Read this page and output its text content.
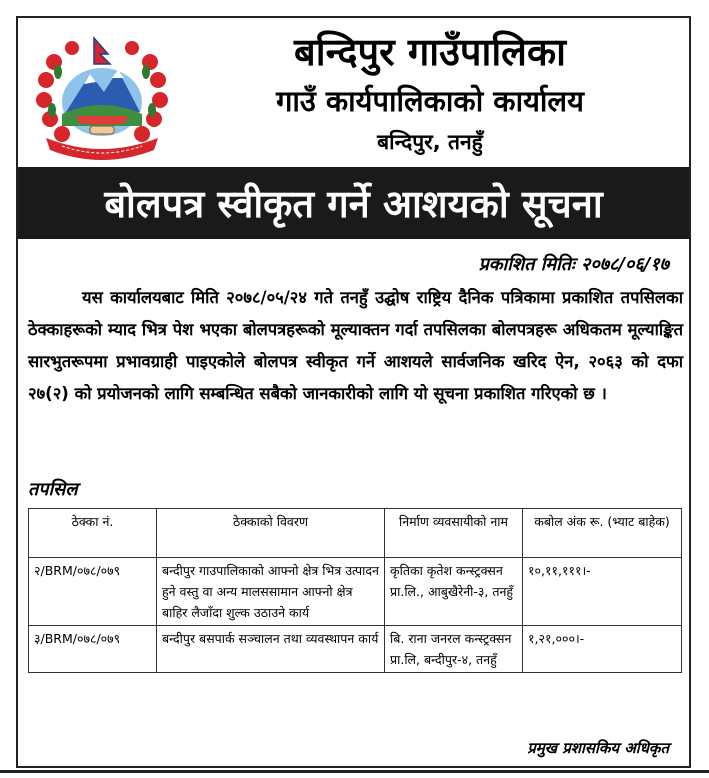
बन्दिपुर गाउँपालिका
गाउँ कार्यपालिकाको कार्यालय
बन्दिपुर, तनहुँ
बोलपत्र स्वीकृत गर्ने आशयको सूचना
प्रकाशित मितिः २०७८/०६/१७
यस कार्यालयबाट मिति २०७८/०५/२४ गते तनहुँ उद्घोष राष्ट्रिय दैनिक पत्रिकामा प्रकाशित तपसिलका ठेक्काहरूको म्याद भित्र पेश भएका बोलपत्रहरूको मूल्याक्तन गर्दा तपसिलका बोलपत्रहरू अधिकतम मूल्याङ्कित सारभुतरूपमा प्रभावग्राही पाइएकोले बोलपत्र स्वीकृत गर्ने आशयले सार्वजनिक खरिद ऐन, २०६३ को दफा २७(२) को प्रयोजनको लागि सम्बन्धित सबैको जानकारीको लागि यो सूचना प्रकाशित गरिएको छ ।
तपसिल
ठेक्का नं.	ठेक्काको विवरण	निर्माण व्यवसायीको नाम	कबोल अंक रू. (भ्याट बाहेक)
२/BRM/०७८/०७९	बन्दीपुर गाउपालिकाको आफ्नो क्षेत्र भित्र उत्पादन हुने वस्तु वा अन्य मालससामान आफ्नो क्षेत्र बाहिर लैजाँदा शुल्क उठाउने कार्य	कृतिका कृतेश कन्स्ट्रक्सन प्रा.लि., आबुखैरेनी-३, तनहुँ	१०,११,१११।-
३/BRM/०७८/०७९	बन्दीपुर बसपार्क सञ्चालन तथा व्यवस्थापन कार्य	बि. राना जनरल कन्स्ट्रक्सन प्रा.लि, बन्दीपुर-४, तनहुँ	१,२१,०००।-
प्रमुख प्रशासकिय अधिकृत
